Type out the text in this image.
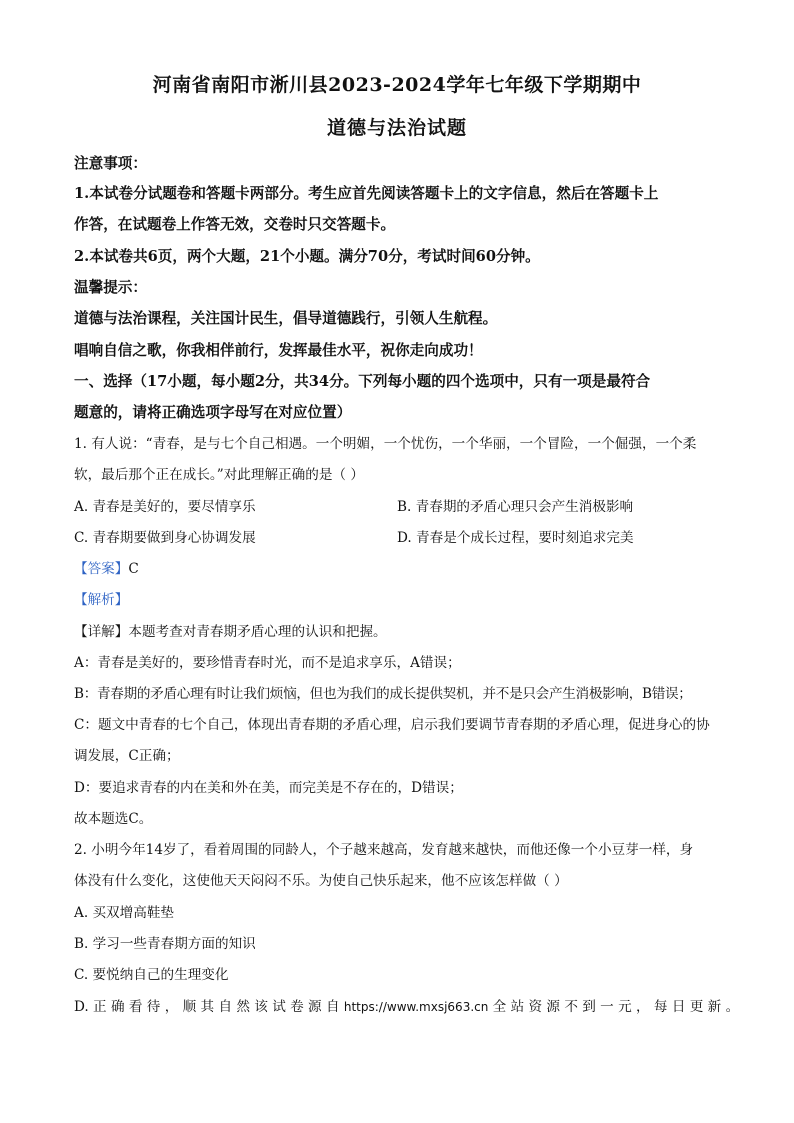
河南省南阳市淅川县2023-2024学年七年级下学期期中
道德与法治试题
注意事项：
1.本试卷分试题卷和答题卡两部分。考生应首先阅读答题卡上的文字信息，然后在答题卡上
作答，在试题卷上作答无效，交卷时只交答题卡。
2.本试卷共6页，两个大题，21个小题。满分70分，考试时间60分钟。
温馨提示：
道德与法治课程，关注国计民生，倡导道德践行，引领人生航程。
唱响自信之歌，你我相伴前行，发挥最佳水平，祝你走向成功！
一、选择（17小题，每小题2分，共34分。下列每小题的四个选项中，只有一项是最符合
题意的，请将正确选项字母写在对应位置）
1. 有人说：“青春，是与七个自己相遇。一个明媚，一个忧伤，一个华丽，一个冒险，一个倔强，一个柔
软，最后那个正在成长。”对此理解正确的是（ ）
A. 青春是美好的，要尽情享乐	B. 青春期的矛盾心理只会产生消极影响
C. 青春期要做到身心协调发展	D. 青春是个成长过程，要时刻追求完美
【答案】C
【解析】
【详解】本题考查对青春期矛盾心理的认识和把握。
A：青春是美好的，要珍惜青春时光，而不是追求享乐，A错误；
B：青春期的矛盾心理有时让我们烦恼，但也为我们的成长提供契机，并不是只会产生消极影响，B错误；
C：题文中青春的七个自己，体现出青春期的矛盾心理，启示我们要调节青春期的矛盾心理，促进身心的协
调发展，C正确；
D：要追求青春的内在美和外在美，而完美是不存在的，D错误；
故本题选C。
2. 小明今年14岁了，看着周围的同龄人，个子越来越高，发育越来越快，而他还像一个小豆芽一样，身
体没有什么变化，这使他天天闷闷不乐。为使自己快乐起来，他不应该怎样做（ ）
A. 买双增高鞋垫
B. 学习一些青春期方面的知识
C. 要悦纳自己的生理变化
D. 正 确 看 待 ， 顺 其 自 然 该 试 卷 源 自 https://www.mxsj663.cn 全 站 资 源 不 到 一 元 ， 每 日 更 新 。
